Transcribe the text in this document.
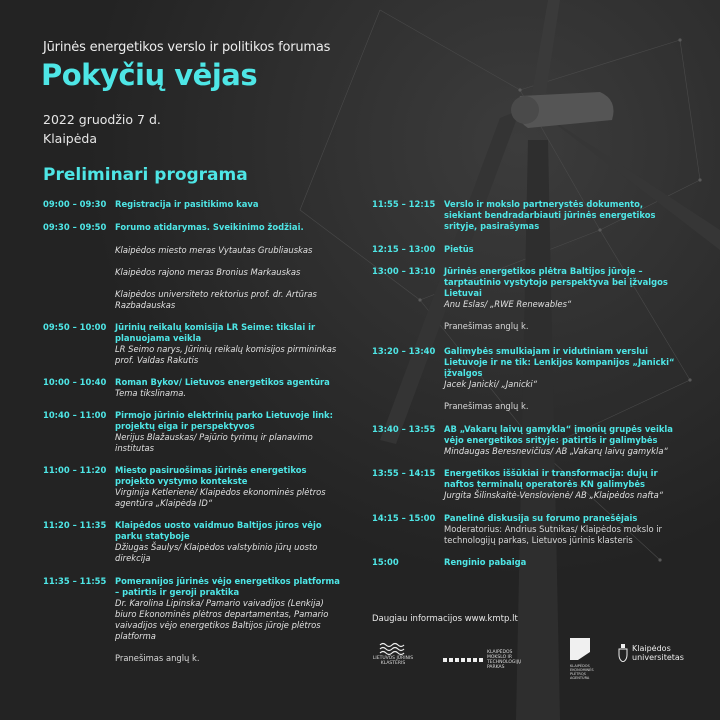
Jūrinės energetikos verslo ir politikos forumas
Pokyčių vėjas
2022 gruodžio 7 d.
Klaipėda
Preliminari programa
09:00 – 09:30 Registracija ir pasitikimo kava
09:30 – 09:50 Forumo atidarymas. Sveikinimo žodžiai.
Klaipėdos miesto meras Vytautas Grubliauskas
Klaipėdos rajono meras Bronius Markauskas
Klaipėdos universiteto rektorius prof. dr. Artūras Razbadauskas
09:50 – 10:00 Jūrinių reikalų komisija LR Seime: tikslai ir planuojama veikla
LR Seimo narys, Jūrinių reikalų komisijos pirmininkas prof. Valdas Rakutis
10:00 – 10:40 Roman Bykov/ Lietuvos energetikos agentūra
Tema tikslinama.
10:40 – 11:00 Pirmojo jūrinio elektrinių parko Lietuvoje link: projektų eiga ir perspektyvos
Nerijus Blažauskas/ Pajūrio tyrimų ir planavimo institutas
11:00 – 11:20 Miesto pasiruošimas jūrinės energetikos projekto vystymo kontekste
Virginija Ketlerienė/ Klaipėdos ekonominės plėtros agentūra „Klaipėda ID“
11:20 – 11:35 Klaipėdos uosto vaidmuo Baltijos jūros vėjo parkų statyboje
Džiugas Šaulys/ Klaipėdos valstybinio jūrų uosto direkcija
11:35 – 11:55 Pomeranijos jūrinės vėjo energetikos platforma – patirtis ir geroji praktika
Dr. Karolina Lipinska/ Pamario vaivadijos (Lenkija) biuro Ekonominės plėtros departamentas, Pamario vaivadijos vėjo energetikos Baltijos jūroje plėtros platforma
Pranešimas anglų k.
11:55 – 12:15 Verslo ir mokslo partnerystės dokumento, siekiant bendradarbiauti jūrinės energetikos srityje, pasirašymas
12:15 – 13:00 Pietūs
13:00 – 13:10 Jūrinės energetikos plėtra Baltijos jūroje – tarptautinio vystytojo perspektyva bei įžvalgos Lietuvai
Anu Eslas/ „RWE Renewables“
Pranešimas anglų k.
13:20 – 13:40 Galimybės smulkiajam ir vidutiniam verslui Lietuvoje ir ne tik: Lenkijos kompanijos „Janicki“ įžvalgos
Jacek Janicki/ „Janicki“
Pranešimas anglų k.
13:40 – 13:55 AB „Vakarų laivų gamykla“ įmonių grupės veikla vėjo energetikos srityje: patirtis ir galimybės
Mindaugas Beresnevičius/ AB „Vakarų laivų gamykla“
13:55 – 14:15 Energetikos iššūkiai ir transformacija: dujų ir naftos terminalų operatorės KN galimybės
Jurgita Šilinskaitė-Venslovienė/ AB „Klaipėdos nafta“
14:15 – 15:00 Panelinė diskusija su forumo pranešėjais
Moderatorius: Andrius Sutnikas/ Klaipėdos mokslo ir technologijų parkas, Lietuvos jūrinis klasteris
15:00	Renginio pabaiga
Daugiau informacijos www.kmtp.lt
LIETUVOS JŪRINIS KLASTERIS
KLAIPĖDOS MOKSLO IR TECHNOLOGIJŲ PARKAS	KLAIPĖDOS EKONOMINĖS PLĖTROS AGENTŪRA
Klaipėdos
universitetas
